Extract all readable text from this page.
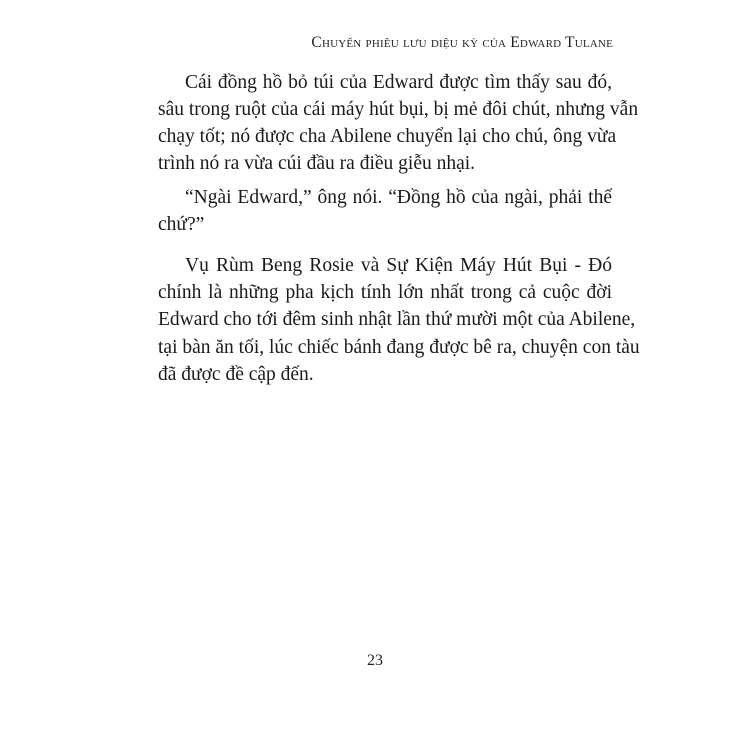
Chuyến phiêu lưu diệu kỳ của Edward Tulane
Cái đồng hồ bỏ túi của Edward được tìm thấy sau đó,
sâu trong ruột của cái máy hút bụi, bị mẻ đôi chút, nhưng vẫn
chạy tốt; nó được cha Abilene chuyển lại cho chú, ông vừa
trình nó ra vừa cúi đầu ra điều giễu nhại.
“Ngài Edward,” ông nói. “Đồng hồ của ngài, phải thế
chứ?”
Vụ Rùm Beng Rosie và Sự Kiện Máy Hút Bụi - Đó
chính là những pha kịch tính lớn nhất trong cả cuộc đời
Edward cho tới đêm sinh nhật lần thứ mười một của Abilene,
tại bàn ăn tối, lúc chiếc bánh đang được bê ra, chuyện con tàu
đã được đề cập đến.
23
